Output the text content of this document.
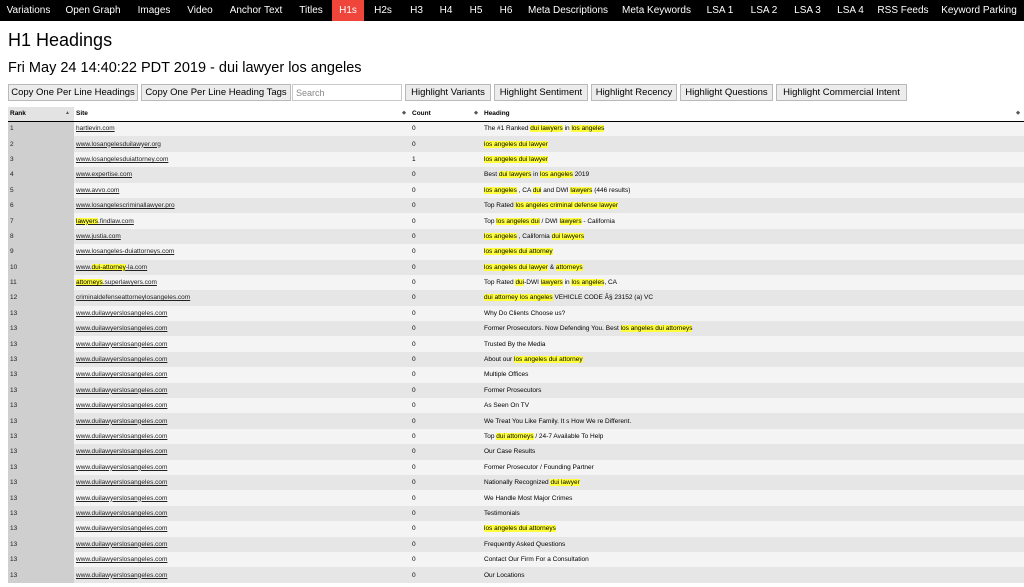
Variations	Open Graph	Images	Video	Anchor Text	Titles	H1s	H2s	H3	H4	H5	H6	Meta Descriptions	Meta Keywords	LSA 1	LSA 2	LSA 3	LSA 4	RSS Feeds	Keyword Parking
H1 Headings
Fri May 24 14:40:22 PDT 2019 - dui lawyer los angeles
Copy One Per Line Headings	Copy One Per Line Heading Tags
Search	Highlight Variants	Highlight Sentiment	Highlight Recency	Highlight Questions	Highlight Commercial Intent
Rank ▲	Site ◆	Count ◆	Heading ◆

1	hartlevin.com	0	The #1 Ranked dui lawyers in los angeles
2	www.losangelesduilawyer.org	0	los angeles dui lawyer
3	www.losangelesduiattorney.com	1	los angeles dui lawyer
4	www.expertise.com	0	Best dui lawyers in los angeles 2019
5	www.avvo.com	0	los angeles , CA dui and DWI lawyers (446 results)
6	www.losangelescriminallawyer.pro	0	Top Rated los angeles criminal defense lawyer
7	lawyers.findlaw.com	0	Top los angeles dui / DWI lawyers - California
8	www.justia.com	0	los angeles , California dui lawyers
9	www.losangeles-duiattorneys.com	0	los angeles dui attorney
10	www.dui-attorney-la.com	0	los angeles dui lawyer & attorneys
11	attorneys.superlawyers.com	0	Top Rated dui-DWI lawyers in los angeles, CA
12	criminaldefenseattorneylosangeles.com	0	dui attorney los angeles VEHICLE CODE Â§ 23152 (a) VC
13	www.duilawyerslosangeles.com	0	Why Do Clients Choose us?
13	www.duilawyerslosangeles.com	0	Former Prosecutors. Now Defending You. Best los angeles dui attorneys
13	www.duilawyerslosangeles.com	0	Trusted By the Media
13	www.duilawyerslosangeles.com	0	About our los angeles dui attorney
13	www.duilawyerslosangeles.com	0	Multiple Offices
13	www.duilawyerslosangeles.com	0	Former Prosecutors
13	www.duilawyerslosangeles.com	0	As Seen On TV
13	www.duilawyerslosangeles.com	0	We Treat You Like Family. It s How We re Different.
13	www.duilawyerslosangeles.com	0	Top dui attorneys / 24-7 Available To Help
13	www.duilawyerslosangeles.com	0	Our Case Results
13	www.duilawyerslosangeles.com	0	Former Prosecutor / Founding Partner
13	www.duilawyerslosangeles.com	0	Nationally Recognized dui lawyer
13	www.duilawyerslosangeles.com	0	We Handle Most Major Crimes
13	www.duilawyerslosangeles.com	0	Testimonials
13	www.duilawyerslosangeles.com	0	los angeles dui attorneys
13	www.duilawyerslosangeles.com	0	Frequently Asked Questions
13	www.duilawyerslosangeles.com	0	Contact Our Firm For a Consultation
13	www.duilawyerslosangeles.com	0	Our Locations
